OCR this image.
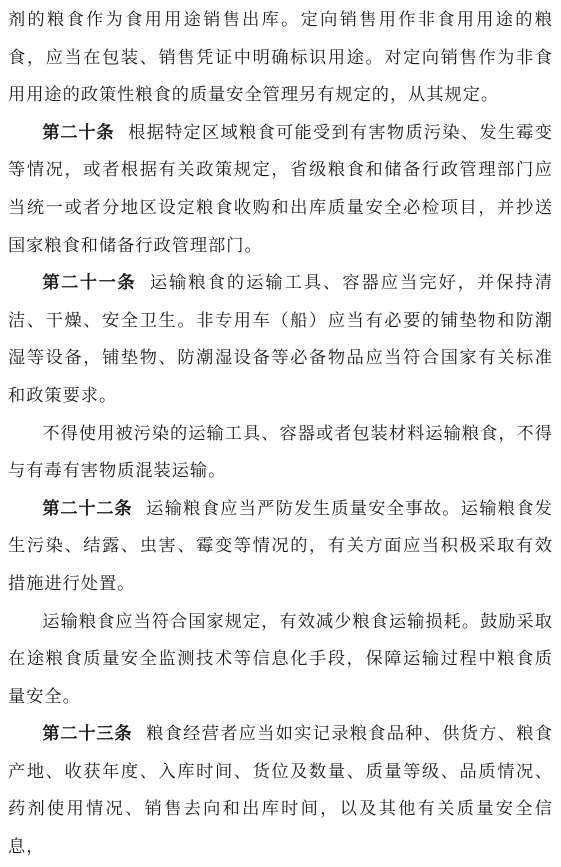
剂的粮食作为食用用途销售出库。定向销售用作非食用用途的粮食，应当在包装、销售凭证中明确标识用途。对定向销售作为非食用用途的政策性粮食的质量安全管理另有规定的，从其规定。

第二十条 根据特定区域粮食可能受到有害物质污染、发生霉变等情况，或者根据有关政策规定，省级粮食和储备行政管理部门应当统一或者分地区设定粮食收购和出库质量安全必检项目，并抄送国家粮食和储备行政管理部门。

第二十一条 运输粮食的运输工具、容器应当完好，并保持清洁、干燥、安全卫生。非专用车（船）应当有必要的铺垫物和防潮湿等设备，铺垫物、防潮湿设备等必备物品应当符合国家有关标准和政策要求。

不得使用被污染的运输工具、容器或者包装材料运输粮食，不得与有毒有害物质混装运输。

第二十二条 运输粮食应当严防发生质量安全事故。运输粮食发生污染、结露、虫害、霉变等情况的，有关方面应当积极采取有效措施进行处置。

运输粮食应当符合国家规定，有效减少粮食运输损耗。鼓励采取在途粮食质量安全监测技术等信息化手段，保障运输过程中粮食质量安全。

第二十三条 粮食经营者应当如实记录粮食品种、供货方、粮食产地、收获年度、入库时间、货位及数量、质量等级、品质情况、药剂使用情况、销售去向和出库时间，以及其他有关质量安全信息，
